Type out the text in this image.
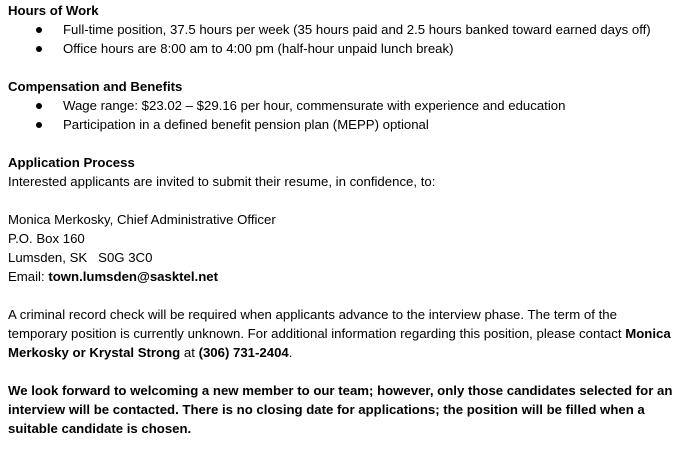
Hours of Work

Full-time position, 37.5 hours per week (35 hours paid and 2.5 hours banked toward earned days off)
Office hours are 8:00 am to 4:00 pm (half-hour unpaid lunch break)

Compensation and Benefits

Wage range: $23.02 – $29.16 per hour, commensurate with experience and education
Participation in a defined benefit pension plan (MEPP) optional

Application Process

Interested applicants are invited to submit their resume, in confidence, to:

Monica Merkosky, Chief Administrative Officer

P.O. Box 160

Lumsden, SK S0G 3C0

Email: town.lumsden@sasktel.net

A criminal record check will be required when applicants advance to the interview phase. The term of the temporary position is currently unknown. For additional information regarding this position, please contact Monica Merkosky or Krystal Strong at (306) 731-2404.

We look forward to welcoming a new member to our team; however, only those candidates selected for an interview will be contacted. There is no closing date for applications; the position will be filled when a suitable candidate is chosen.
